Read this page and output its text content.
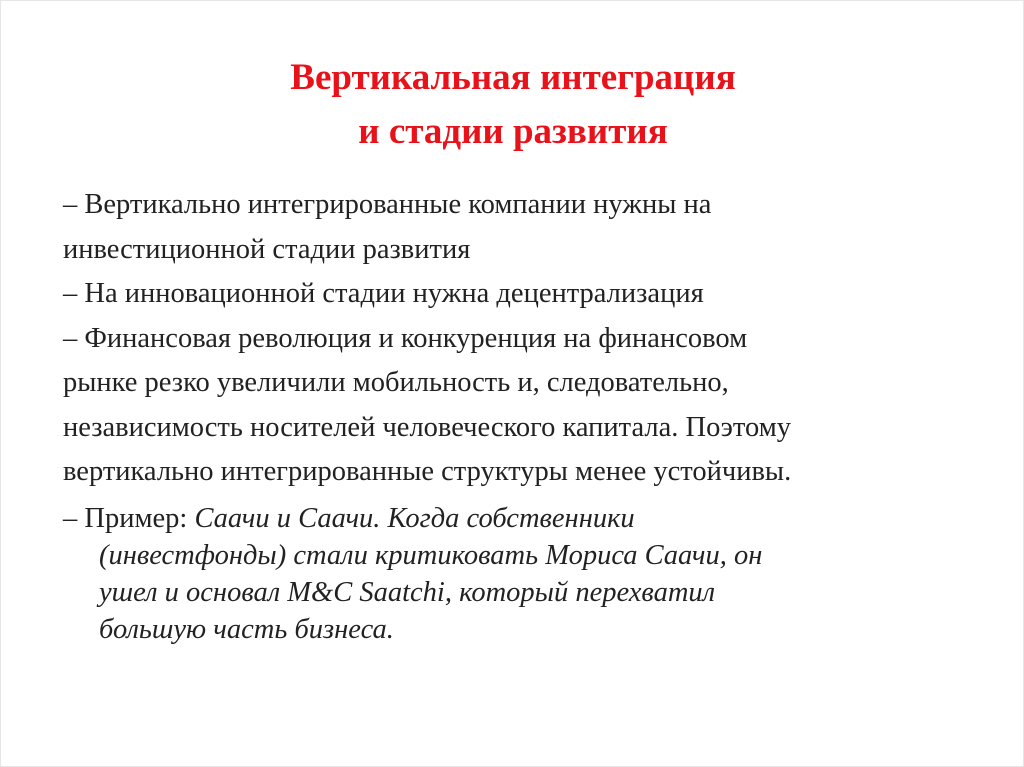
Вертикальная интеграция
и стадии развития
– Вертикально интегрированные компании нужны на
инвестиционной стадии развития
– На инновационной стадии нужна децентрализация
– Финансовая революция и конкуренция на финансовом
рынке резко увеличили мобильность и, следовательно,
независимость носителей человеческого капитала. Поэтому
вертикально интегрированные структуры менее устойчивы.
– Пример: Саачи и Саачи. Когда собственники
(инвестфонды) стали критиковать Мориса Саачи, он
ушел и основал M&C Saatchi, который перехватил
большую часть бизнеса.
